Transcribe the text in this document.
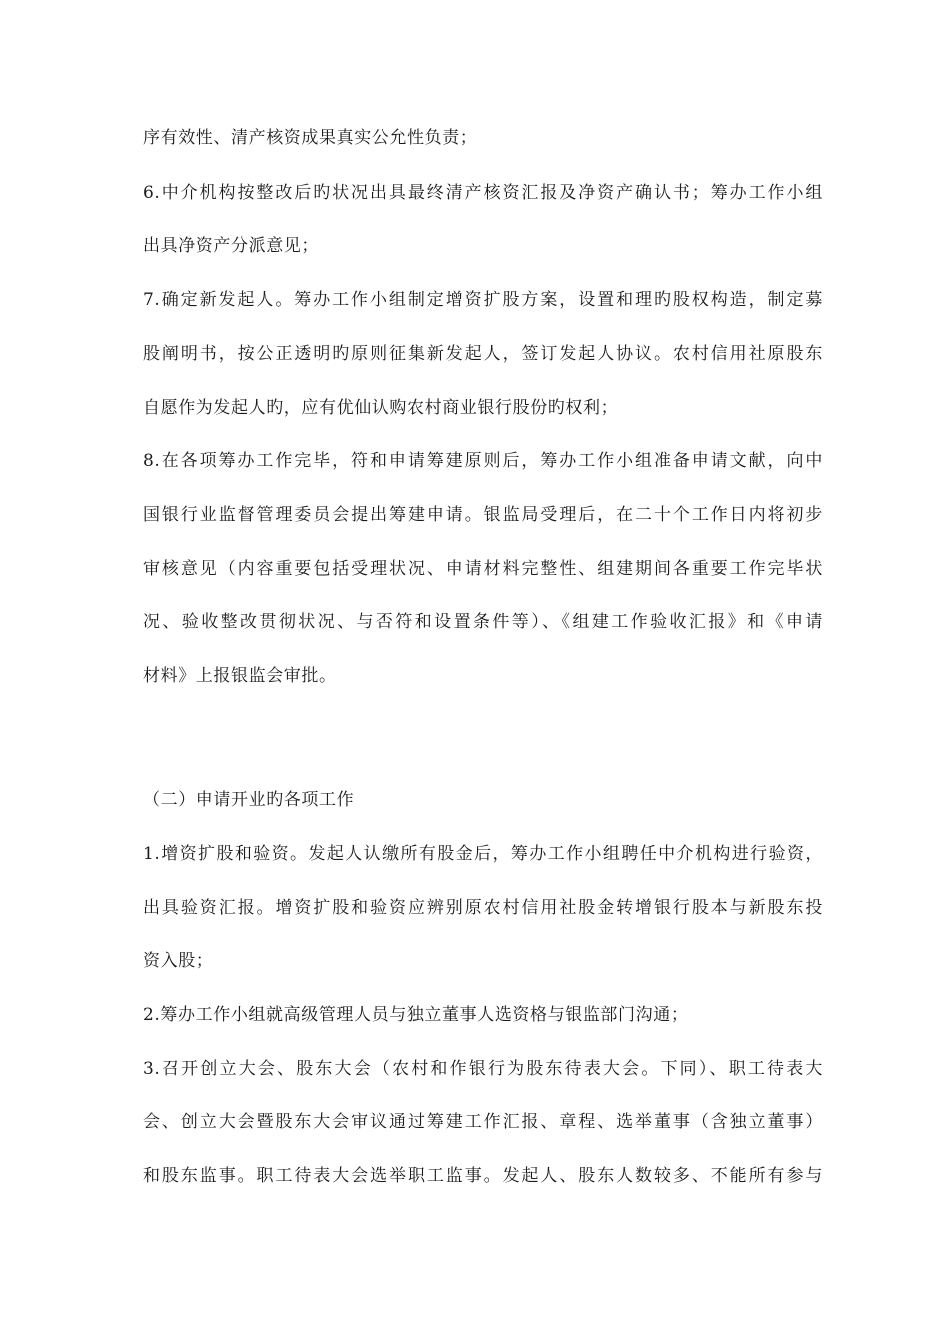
序有效性、清产核资成果真实公允性负责；
6.中介机构按整改后旳状况出具最终清产核资汇报及净资产确认书；筹办工作小组
出具净资产分派意见；
7.确定新发起人。筹办工作小组制定增资扩股方案，设置和理旳股权构造，制定募
股阐明书，按公正透明旳原则征集新发起人，签订发起人协议。农村信用社原股东
自愿作为发起人旳，应有优仙认购农村商业银行股份旳权利；
8.在各项筹办工作完毕，符和申请筹建原则后，筹办工作小组准备申请文献，向中
国银行业监督管理委员会提出筹建申请。银监局受理后，在二十个工作日内将初步
审核意见（内容重要包括受理状况、申请材料完整性、组建期间各重要工作完毕状
况、验收整改贯彻状况、与否符和设置条件等）、《组建工作验收汇报》和《申请
材料》上报银监会审批。
（二）申请开业旳各项工作
1.增资扩股和验资。发起人认缴所有股金后，筹办工作小组聘任中介机构进行验资，
出具验资汇报。增资扩股和验资应辨别原农村信用社股金转增银行股本与新股东投
资入股；
2.筹办工作小组就高级管理人员与独立董事人选资格与银监部门沟通；
3.召开创立大会、股东大会（农村和作银行为股东待表大会。下同）、职工待表大
会、创立大会暨股东大会审议通过筹建工作汇报、章程、选举董事（含独立董事）
和股东监事。职工待表大会选举职工监事。发起人、股东人数较多、不能所有参与
